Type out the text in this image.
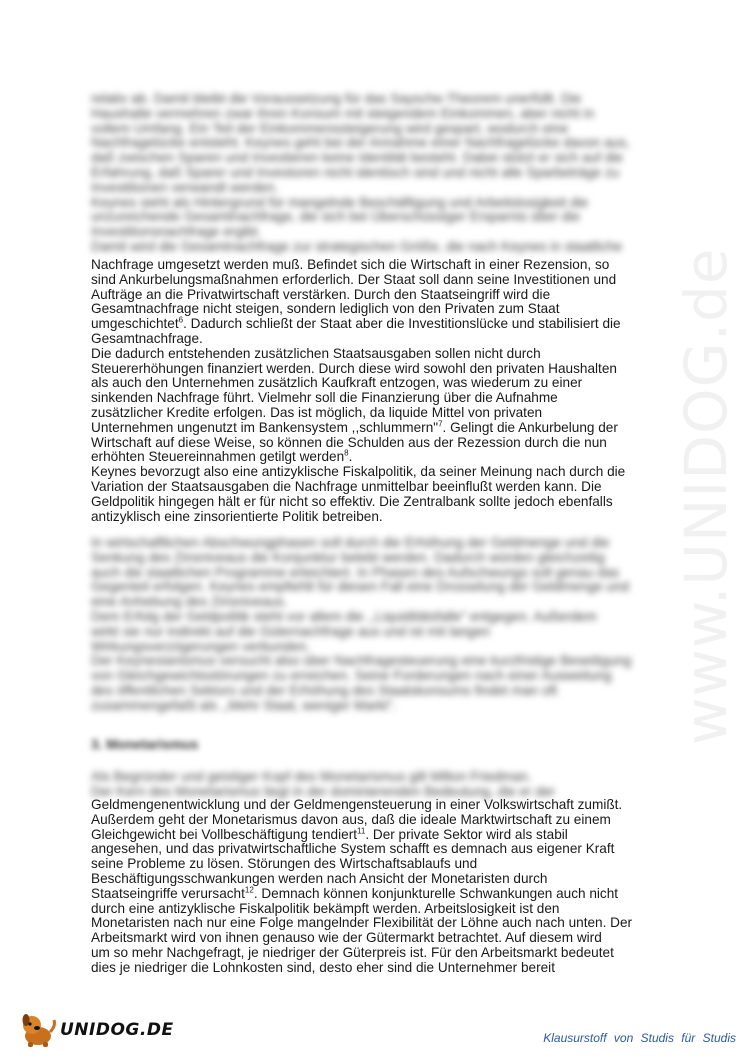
www.UNIDOG.de

relativ ab. Damit bleibt die Voraussetzung für das Saysche-Theorem unerfüllt. Die

Haushalte vermehren zwar ihren Konsum mit steigendem Einkommen, aber nicht in

vollem Umfang. Ein Teil der Einkommenssteigerung wird gespart, wodurch eine

Nachfragelücke entsteht. Keynes geht bei der Annahme einer Nachfragelücke davon aus,

daß zwischen Sparen und Investieren keine Identität besteht. Dabei stützt er sich auf die

Erfahrung, daß Sparer und Investoren nicht identisch sind und nicht alle Sparbeträge zu

Investitionen verwandt werden.

Keynes sieht als Hintergrund für mangelnde Beschäftigung und Arbeitslosigkeit die

unzureichende Gesamtnachfrage, die sich bei Überschüssiger Ersparnis über die

Investitionsnachfrage ergibt.

Damit wird die Gesamtnachfrage zur strategischen Größe, die nach Keynes in staatliche

Nachfrage umgesetzt werden muß. Befindet sich die Wirtschaft in einer Rezension, so

sind Ankurbelungsmaßnahmen erforderlich. Der Staat soll dann seine Investitionen und

Aufträge an die Privatwirtschaft verstärken. Durch den Staatseingriff wird die

Gesamtnachfrage nicht steigen, sondern lediglich von den Privaten zum Staat

umgeschichtet$^6$. Dadurch schließt der Staat aber die Investitionslücke und stabilisiert die

Gesamtnachfrage.

Die dadurch entstehenden zusätzlichen Staatsausgaben sollen nicht durch

Steuererhöhungen finanziert werden. Durch diese wird sowohl den privaten Haushalten

als auch den Unternehmen zusätzlich Kaufkraft entzogen, was wiederum zu einer

sinkenden Nachfrage führt. Vielmehr soll die Finanzierung über die Aufnahme

zusätzlicher Kredite erfolgen. Das ist möglich, da liquide Mittel von privaten

Unternehmen ungenutzt im Bankensystem ,,schlummern"$^7$. Gelingt die Ankurbelung der

Wirtschaft auf diese Weise, so können die Schulden aus der Rezession durch die nun

erhöhten Steuereinnahmen getilgt werden$^8$.

Keynes bevorzugt also eine antizyklische Fiskalpolitik, da seiner Meinung nach durch die

Variation der Staatsausgaben die Nachfrage unmittelbar beeinflußt werden kann. Die

Geldpolitik hingegen hält er für nicht so effektiv. Die Zentralbank sollte jedoch ebenfalls

antizyklisch eine zinsorientierte Politik betreiben.

In wirtschaftlichen Abschwungphasen soll durch die Erhöhung der Geldmenge und die

Senkung des Zinsniveaus die Konjunktur belebt werden. Dadurch würden gleichzeitig

auch die staatlichen Programme erleichtert. In Phasen des Aufschwungs soll genau das

Gegenteil erfolgen. Keynes empfiehlt für diesen Fall eine Drosselung der Geldmenge und

eine Anhebung des Zinsniveaus.

Dem Erfolg der Geldpolitik steht vor allem die ,,Liquiditätsfalle" entgegen. Außerdem

wirkt sie nur indirekt auf die Güternachfrage aus und ist mit langen

Wirkungsverzögerungen verbunden.

Der Keynesianismus versucht also über Nachfragesteuerung eine kurzfristige Beseitigung

von Gleichgewichtsstörungen zu erreichen. Seine Forderungen nach einer Ausweitung

des öffentlichen Sektors und der Erhöhung des Staatskonsums findet man oft

zusammengefaßt als ,,Mehr Staat, weniger Markt".

3. Monetarismus

Als Begründer und geistiger Kopf des Monetarismus gilt Milton Friedman.

Der Kern des Monetarismus liegt in der dominierenden Bedeutung, die er der

Geldmengenentwicklung und der Geldmengensteuerung in einer Volkswirtschaft zumißt.

Außerdem geht der Monetarismus davon aus, daß die ideale Marktwirtschaft zu einem

Gleichgewicht bei Vollbeschäftigung tendiert$^{11}$. Der private Sektor wird als stabil

angesehen, und das privatwirtschaftliche System schafft es demnach aus eigener Kraft

seine Probleme zu lösen. Störungen des Wirtschaftsablaufs und

Beschäftigungsschwankungen werden nach Ansicht der Monetaristen durch

Staatseingriffe verursacht$^{12}$. Demnach können konjunkturelle Schwankungen auch nicht

durch eine antizyklische Fiskalpolitik bekämpft werden. Arbeitslosigkeit ist den

Monetaristen nach nur eine Folge mangelnder Flexibilität der Löhne auch nach unten. Der

Arbeitsmarkt wird von ihnen genauso wie der Gütermarkt betrachtet. Auf diesem wird

um so mehr Nachgefragt, je niedriger der Güterpreis ist. Für den Arbeitsmarkt bedeutet

dies je niedriger die Lohnkosten sind, desto eher sind die Unternehmer bereit

UNIDOG.DE	Klausurstoff von Studis für Studis
